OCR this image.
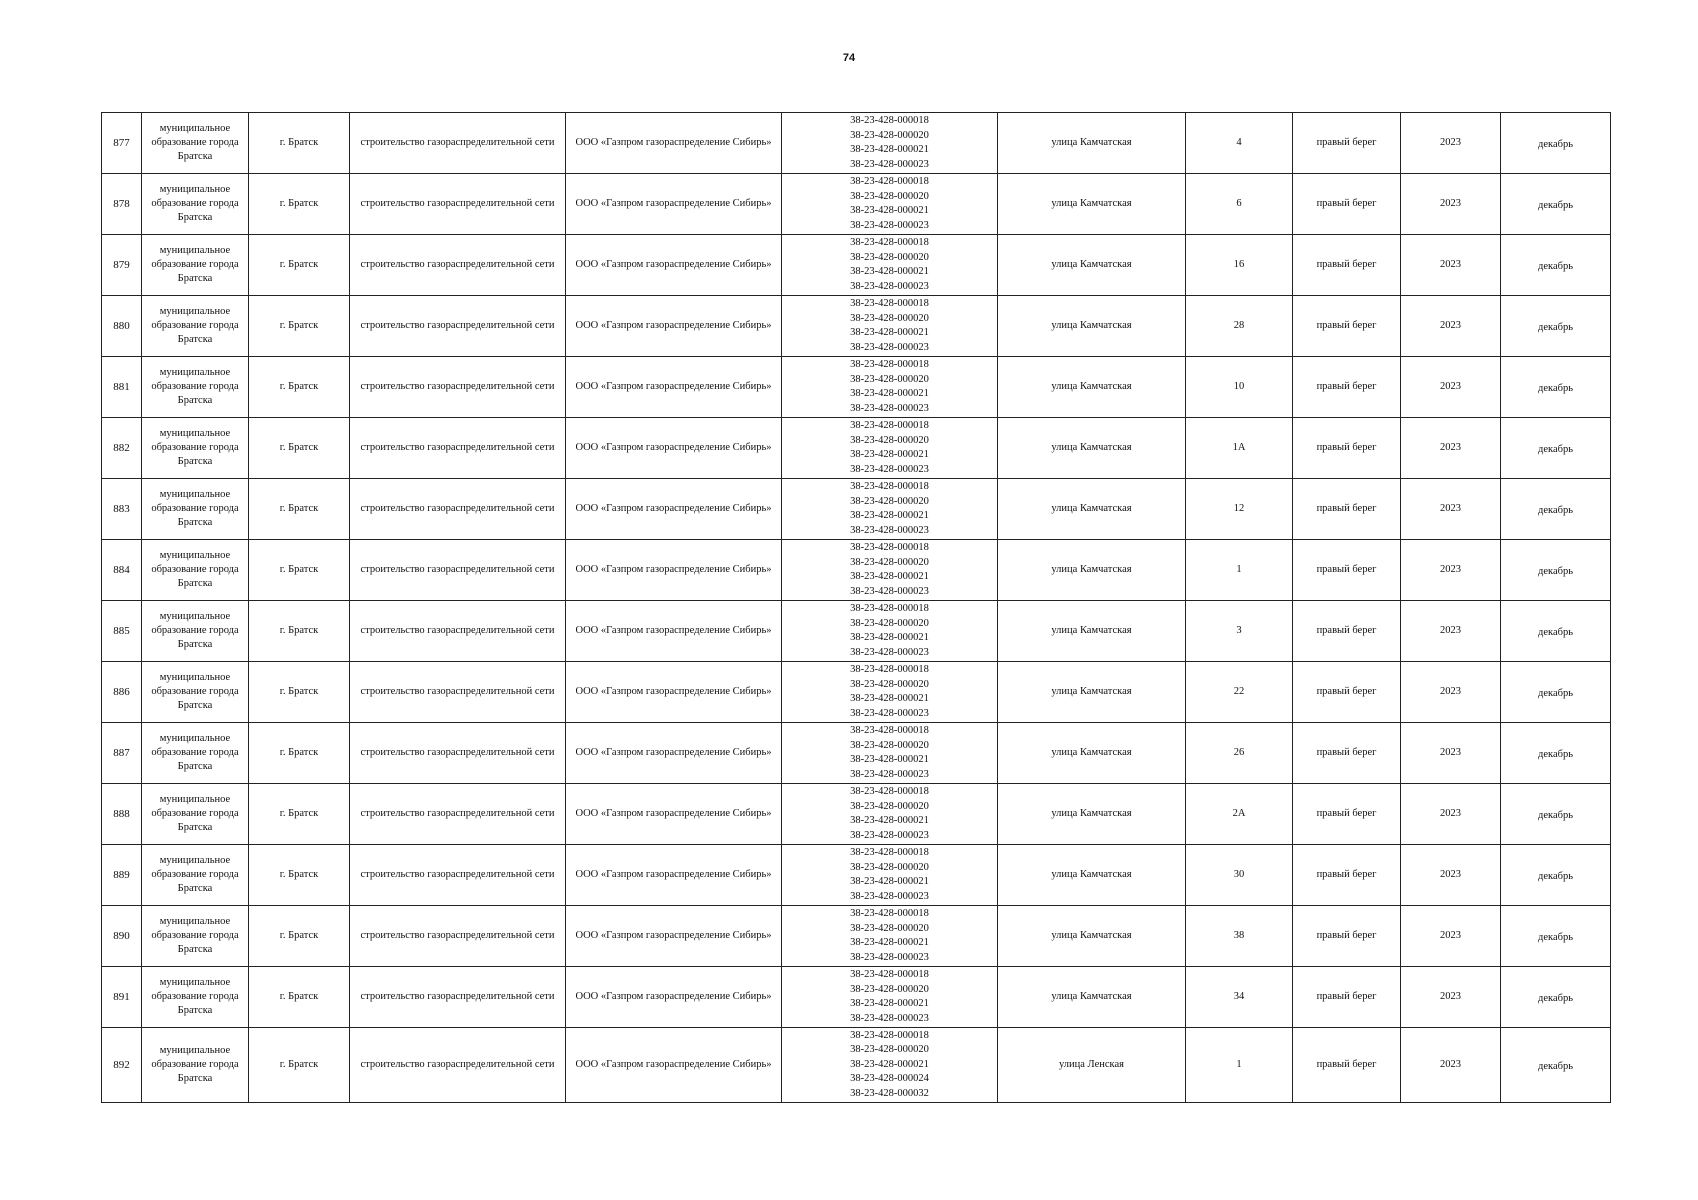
74
877	муниципальное образование города Братска	г. Братск	строительство газораспределительной сети	ООО «Газпром газораспределение Сибирь»	38-23-428-000018
38-23-428-000020
38-23-428-000021
38-23-428-000023	улица Камчатская	4	правый берег	2023	декабрь
878	муниципальное образование города Братска	г. Братск	строительство газораспределительной сети	ООО «Газпром газораспределение Сибирь»	38-23-428-000018
38-23-428-000020
38-23-428-000021
38-23-428-000023	улица Камчатская	6	правый берег	2023	декабрь
879	муниципальное образование города Братска	г. Братск	строительство газораспределительной сети	ООО «Газпром газораспределение Сибирь»	38-23-428-000018
38-23-428-000020
38-23-428-000021
38-23-428-000023	улица Камчатская	16	правый берег	2023	декабрь
880	муниципальное образование города Братска	г. Братск	строительство газораспределительной сети	ООО «Газпром газораспределение Сибирь»	38-23-428-000018
38-23-428-000020
38-23-428-000021
38-23-428-000023	улица Камчатская	28	правый берег	2023	декабрь
881	муниципальное образование города Братска	г. Братск	строительство газораспределительной сети	ООО «Газпром газораспределение Сибирь»	38-23-428-000018
38-23-428-000020
38-23-428-000021
38-23-428-000023	улица Камчатская	10	правый берег	2023	декабрь
882	муниципальное образование города Братска	г. Братск	строительство газораспределительной сети	ООО «Газпром газораспределение Сибирь»	38-23-428-000018
38-23-428-000020
38-23-428-000021
38-23-428-000023	улица Камчатская	1А	правый берег	2023	декабрь
883	муниципальное образование города Братска	г. Братск	строительство газораспределительной сети	ООО «Газпром газораспределение Сибирь»	38-23-428-000018
38-23-428-000020
38-23-428-000021
38-23-428-000023	улица Камчатская	12	правый берег	2023	декабрь
884	муниципальное образование города Братска	г. Братск	строительство газораспределительной сети	ООО «Газпром газораспределение Сибирь»	38-23-428-000018
38-23-428-000020
38-23-428-000021
38-23-428-000023	улица Камчатская	1	правый берег	2023	декабрь
885	муниципальное образование города Братска	г. Братск	строительство газораспределительной сети	ООО «Газпром газораспределение Сибирь»	38-23-428-000018
38-23-428-000020
38-23-428-000021
38-23-428-000023	улица Камчатская	3	правый берег	2023	декабрь
886	муниципальное образование города Братска	г. Братск	строительство газораспределительной сети	ООО «Газпром газораспределение Сибирь»	38-23-428-000018
38-23-428-000020
38-23-428-000021
38-23-428-000023	улица Камчатская	22	правый берег	2023	декабрь
887	муниципальное образование города Братска	г. Братск	строительство газораспределительной сети	ООО «Газпром газораспределение Сибирь»	38-23-428-000018
38-23-428-000020
38-23-428-000021
38-23-428-000023	улица Камчатская	26	правый берег	2023	декабрь
888	муниципальное образование города Братска	г. Братск	строительство газораспределительной сети	ООО «Газпром газораспределение Сибирь»	38-23-428-000018
38-23-428-000020
38-23-428-000021
38-23-428-000023	улица Камчатская	2А	правый берег	2023	декабрь
889	муниципальное образование города Братска	г. Братск	строительство газораспределительной сети	ООО «Газпром газораспределение Сибирь»	38-23-428-000018
38-23-428-000020
38-23-428-000021
38-23-428-000023	улица Камчатская	30	правый берег	2023	декабрь
890	муниципальное образование города Братска	г. Братск	строительство газораспределительной сети	ООО «Газпром газораспределение Сибирь»	38-23-428-000018
38-23-428-000020
38-23-428-000021
38-23-428-000023	улица Камчатская	38	правый берег	2023	декабрь
891	муниципальное образование города Братска	г. Братск	строительство газораспределительной сети	ООО «Газпром газораспределение Сибирь»	38-23-428-000018
38-23-428-000020
38-23-428-000021
38-23-428-000023	улица Камчатская	34	правый берег	2023	декабрь
892	муниципальное образование города Братска	г. Братск	строительство газораспределительной сети	ООО «Газпром газораспределение Сибирь»	38-23-428-000018
38-23-428-000020
38-23-428-000021
38-23-428-000024
38-23-428-000032	улица Ленская	1	правый берег	2023	декабрь
